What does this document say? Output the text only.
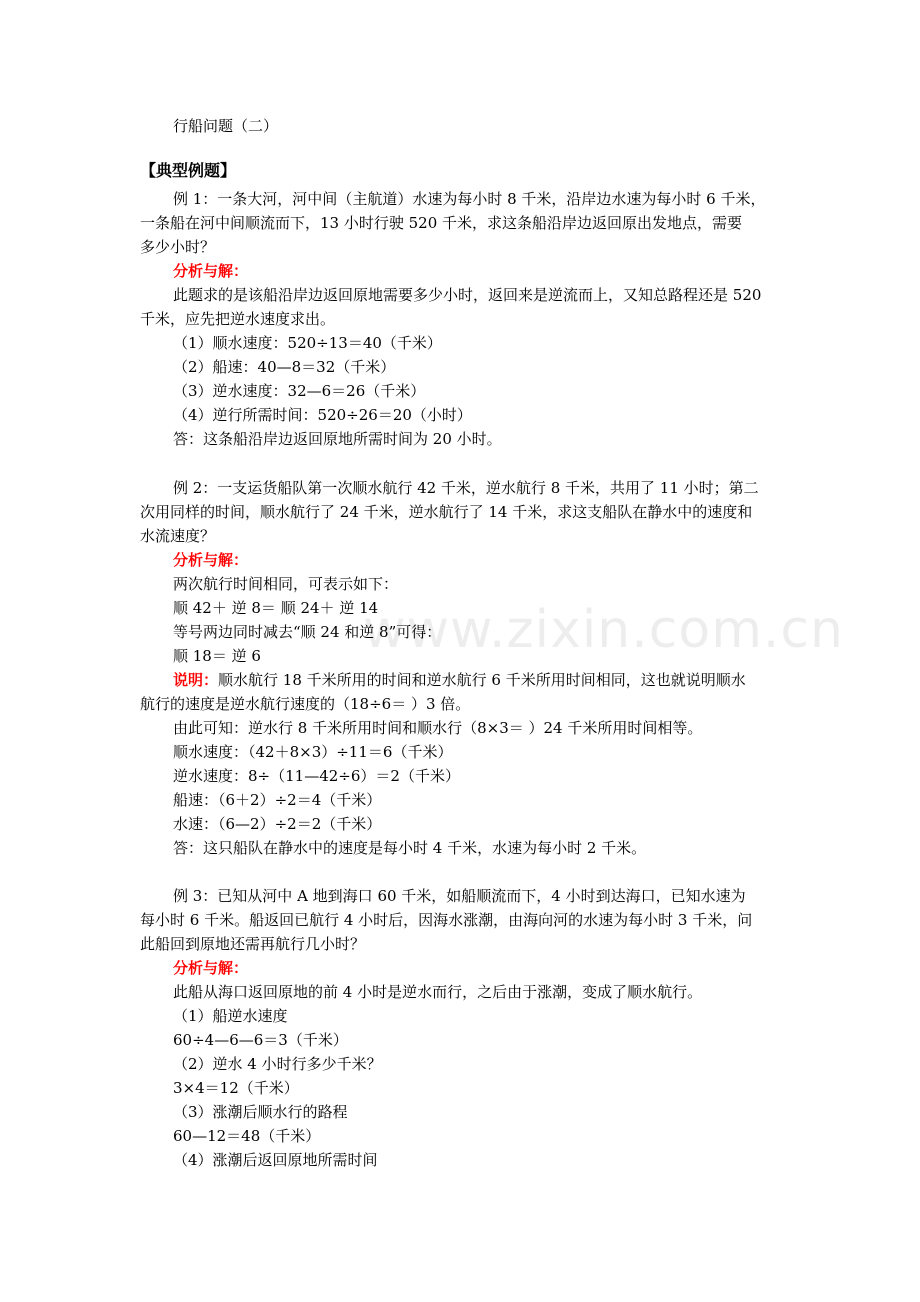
www.zixin.com.cn
行船问题（二）
【典型例题】
例 1：一条大河，河中间（主航道）水速为每小时 8 千米，沿岸边水速为每小时 6 千米，
一条船在河中间顺流而下，13 小时行驶 520 千米，求这条船沿岸边返回原出发地点，需要
多少小时？
分析与解：
此题求的是该船沿岸边返回原地需要多少小时，返回来是逆流而上，又知总路程还是 520
千米，应先把逆水速度求出。
（1）顺水速度：520÷13＝40（千米）
（2）船速：40—8＝32（千米）
（3）逆水速度：32—6＝26（千米）
（4）逆行所需时间：520÷26＝20（小时）
答：这条船沿岸边返回原地所需时间为 20 小时。
例 2：一支运货船队第一次顺水航行 42 千米，逆水航行 8 千米，共用了 11 小时；第二
次用同样的时间，顺水航行了 24 千米，逆水航行了 14 千米，求这支船队在静水中的速度和
水流速度？
分析与解：
两次航行时间相同，可表示如下：
顺 42＋ 逆 8＝ 顺 24＋ 逆 14
等号两边同时减去“顺 24 和逆 8”可得：
顺 18＝ 逆 6
说明：顺水航行 18 千米所用的时间和逆水航行 6 千米所用时间相同，这也就说明顺水
航行的速度是逆水航行速度的（18÷6＝ ）3 倍。
由此可知：逆水行 8 千米所用时间和顺水行（8×3＝ ）24 千米所用时间相等。
顺水速度：（42＋8×3）÷11＝6（千米）
逆水速度：8÷（11—42÷6）＝2（千米）
船速：（6＋2）÷2＝4（千米）
水速：（6—2）÷2＝2（千米）
答：这只船队在静水中的速度是每小时 4 千米，水速为每小时 2 千米。
例 3：已知从河中 A 地到海口 60 千米，如船顺流而下，4 小时到达海口，已知水速为
每小时 6 千米。船返回已航行 4 小时后，因海水涨潮，由海向河的水速为每小时 3 千米，问
此船回到原地还需再航行几小时？
分析与解：
此船从海口返回原地的前 4 小时是逆水而行，之后由于涨潮，变成了顺水航行。
（1）船逆水速度
60÷4—6—6＝3（千米）
（2）逆水 4 小时行多少千米？
3×4＝12（千米）
（3）涨潮后顺水行的路程
60—12＝48（千米）
（4）涨潮后返回原地所需时间
